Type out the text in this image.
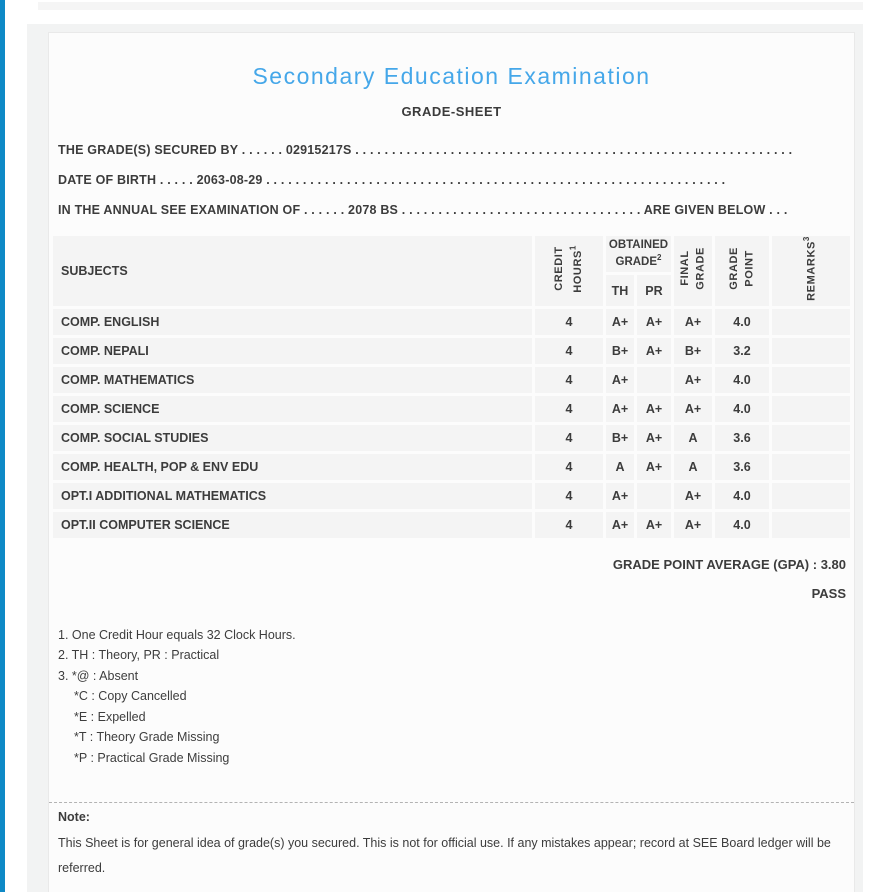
Secondary Education Examination
GRADE-SHEET
THE GRADE(S) SECURED BY . . . . . . 02915217S . . . . . . . . . . . . . . . . . . . . . . . . . . . . . . . . . . . . . . . . . . . . . . . . . . . . . . . . . . . .
DATE OF BIRTH . . . . . 2063-08-29 . . . . . . . . . . . . . . . . . . . . . . . . . . . . . . . . . . . . . . . . . . . . . . . . . . . . . . . . . . . . . . .
IN THE ANNUAL SEE EXAMINATION OF . . . . . . 2078 BS . . . . . . . . . . . . . . . . . . . . . . . . . . . . . . . . . ARE GIVEN BELOW . . .
SUBJECTS	CREDIT HOURS$^1$	OBTAINED GRADE$^2$		FINAL GRADE	GRADE POINT	REMARKS$^3$
		TH	PR			
COMP. ENGLISH	4	A+	A+	A+	4.0	
COMP. NEPALI	4	B+	A+	B+	3.2	
COMP. MATHEMATICS	4	A+		A+	4.0	
COMP. SCIENCE	4	A+	A+	A+	4.0	
COMP. SOCIAL STUDIES	4	B+	A+	A	3.6	
COMP. HEALTH, POP & ENV EDU	4	A	A+	A	3.6	
OPT.I ADDITIONAL MATHEMATICS	4	A+		A+	4.0	
OPT.II COMPUTER SCIENCE	4	A+	A+	A+	4.0	
GRADE POINT AVERAGE (GPA) : 3.80
PASS
1. One Credit Hour equals 32 Clock Hours.
2. TH : Theory, PR : Practical
3. *@ : Absent
*C : Copy Cancelled
*E : Expelled
*T : Theory Grade Missing
*P : Practical Grade Missing
Note:
This Sheet is for general idea of grade(s) you secured. This is not for official use. If any mistakes appear; record at SEE Board ledger will be referred.
